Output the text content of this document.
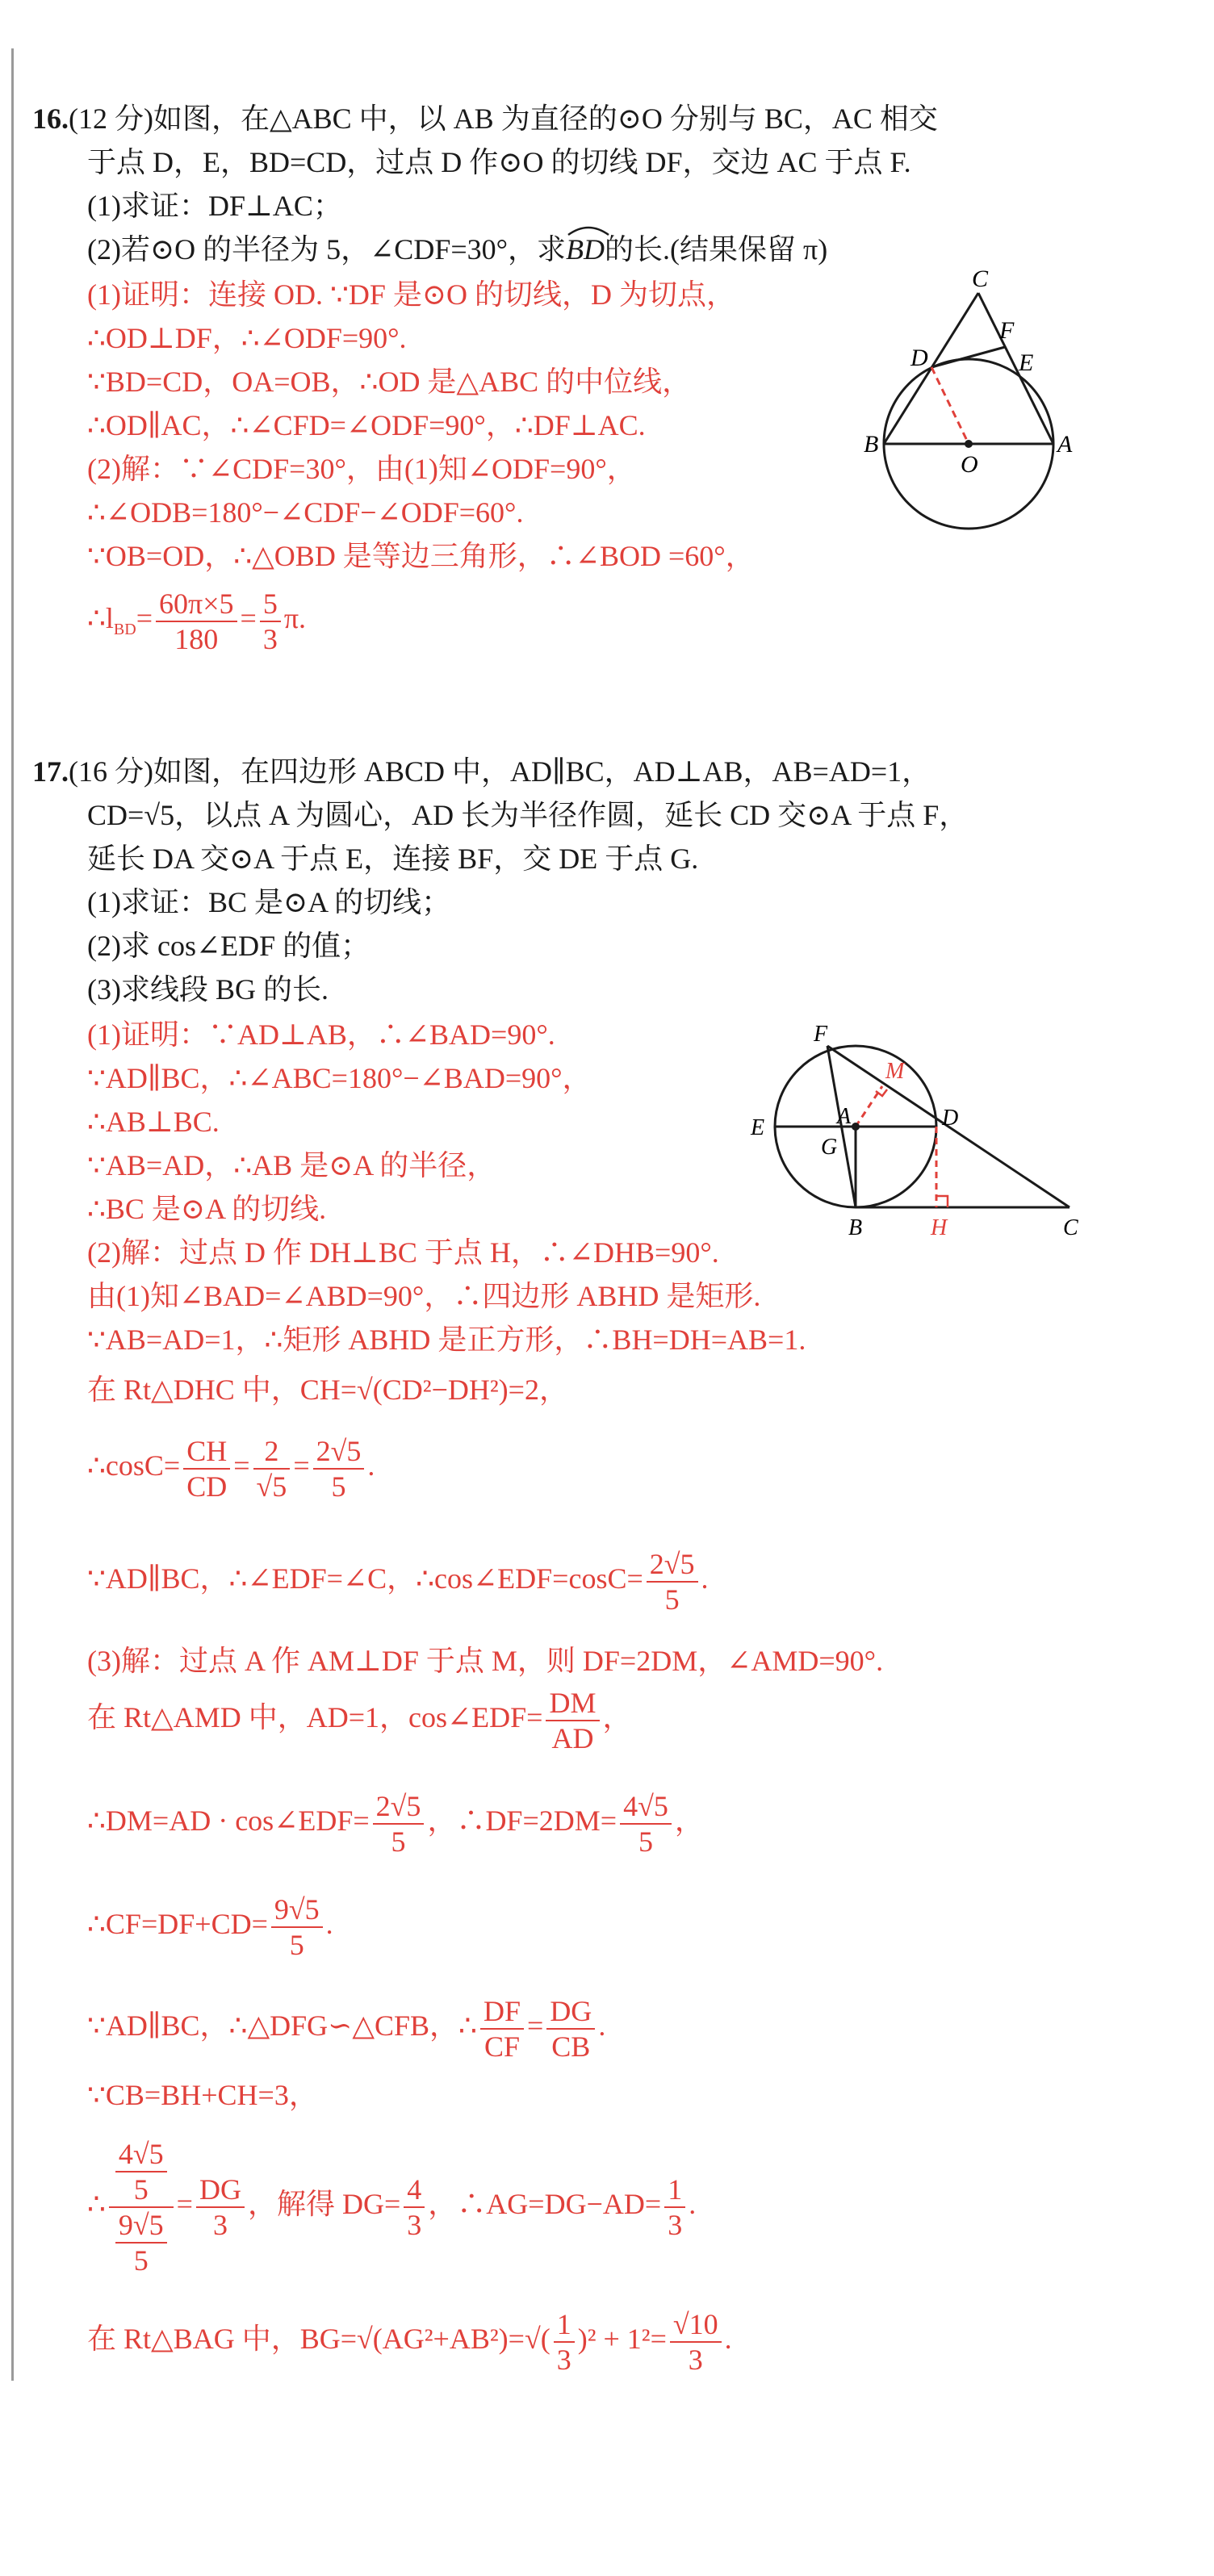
16.(12 分)如图，在△ABC 中，以 AB 为直径的⊙O 分别与 BC，AC 相交
于点 D，E，BD=CD，过点 D 作⊙O 的切线 DF，交边 AC 于点 F.
(1)求证：DF⊥AC；
(2)若⊙O 的半径为 5，∠CDF=30°，求
BD的长.(结果保留 π)
(1)证明：连接 OD. ∵DF 是⊙O 的切线，D 为切点，
∴OD⊥DF，∴∠ODF=90°.
∵BD=CD，OA=OB，∴OD 是△ABC 的中位线，
∴OD∥AC，∴∠CFD=∠ODF=90°，∴DF⊥AC.
(2)解：∵∠CDF=30°，由(1)知∠ODF=90°，
∴∠ODB=180°−∠CDF−∠ODF=60°.
∵OB=OD，∴△OBD 是等边三角形，∴∠BOD =60°，
$\therefore l_{BD}= \frac{60\pi\times 5}{180} = \frac{5}{3} \pi$.
C
F
D	E
B
O
A
17.(16 分)如图，在四边形 ABCD 中，AD∥BC，AD⊥AB，AB=AD=1，
CD=√5，以点 A 为圆心，AD 长为半径作圆，延长 CD 交⊙A 于点 F，
延长 DA 交⊙A 于点 E，连接 BF，交 DE 于点 G.
(1)求证：BC 是⊙A 的切线；
(2)求 cos∠EDF 的值；
(3)求线段 BG 的长.
(1)证明：∵AD⊥AB，∴∠BAD=90°.
∵AD∥BC，∴∠ABC=180°−∠BAD=90°，
∴AB⊥BC.
∵AB=AD，∴AB 是⊙A 的半径，
∴BC 是⊙A 的切线.
(2)解：过点 D 作 DH⊥BC 于点 H，∴∠DHB=90°.
由(1)知∠BAD=∠ABD=90°，∴四边形 ABHD 是矩形.
∵AB=AD=1，∴矩形 ABHD 是正方形，∴BH=DH=AB=1.
在 Rt△DHC 中，CH=√(CD²−DH²)=2，
∴cosC= $\frac{CH}{CD} = \frac{2}{√5} = \frac{2√5}{5}$ .
∵AD∥BC，∴∠EDF=∠C，∴cos∠EDF=cosC= $\frac{2√5}{5}$ .
(3)解：过点 A 作 AM⊥DF 于点 M，则 DF=2DM，∠AMD=90°.
在 Rt△AMD 中，AD=1，cos∠EDF= $\frac{DM}{AD}$ ，
∴DM=AD · cos∠EDF= $\frac{2√5}{5}$ ，∴DF=2DM= $\frac{4√5}{5}$ ，
∴CF=DF+CD= $\frac{9√5}{5}$ .
∵AD∥BC，∴△DFG∽△CFB，∴ $\frac{DF}{CF} = \frac{DG}{CB}$ .
∵CB=BH+CH=3，
∴ $\frac{\frac{4√5}{5}}{\frac{9√5}{5}} = \frac{DG}{3}$ ，解得 $DG= \frac{4}{3}$ ，∴AG=DG−AD= $\frac{1}{3}$ .
在 Rt△BAG 中，$BG=√(AG^2+AB^2)=√( \frac{1}{3} )^2 + 1^2= \frac{√10}{3}$ .
F
M
E	A
G
D
B	H	C
